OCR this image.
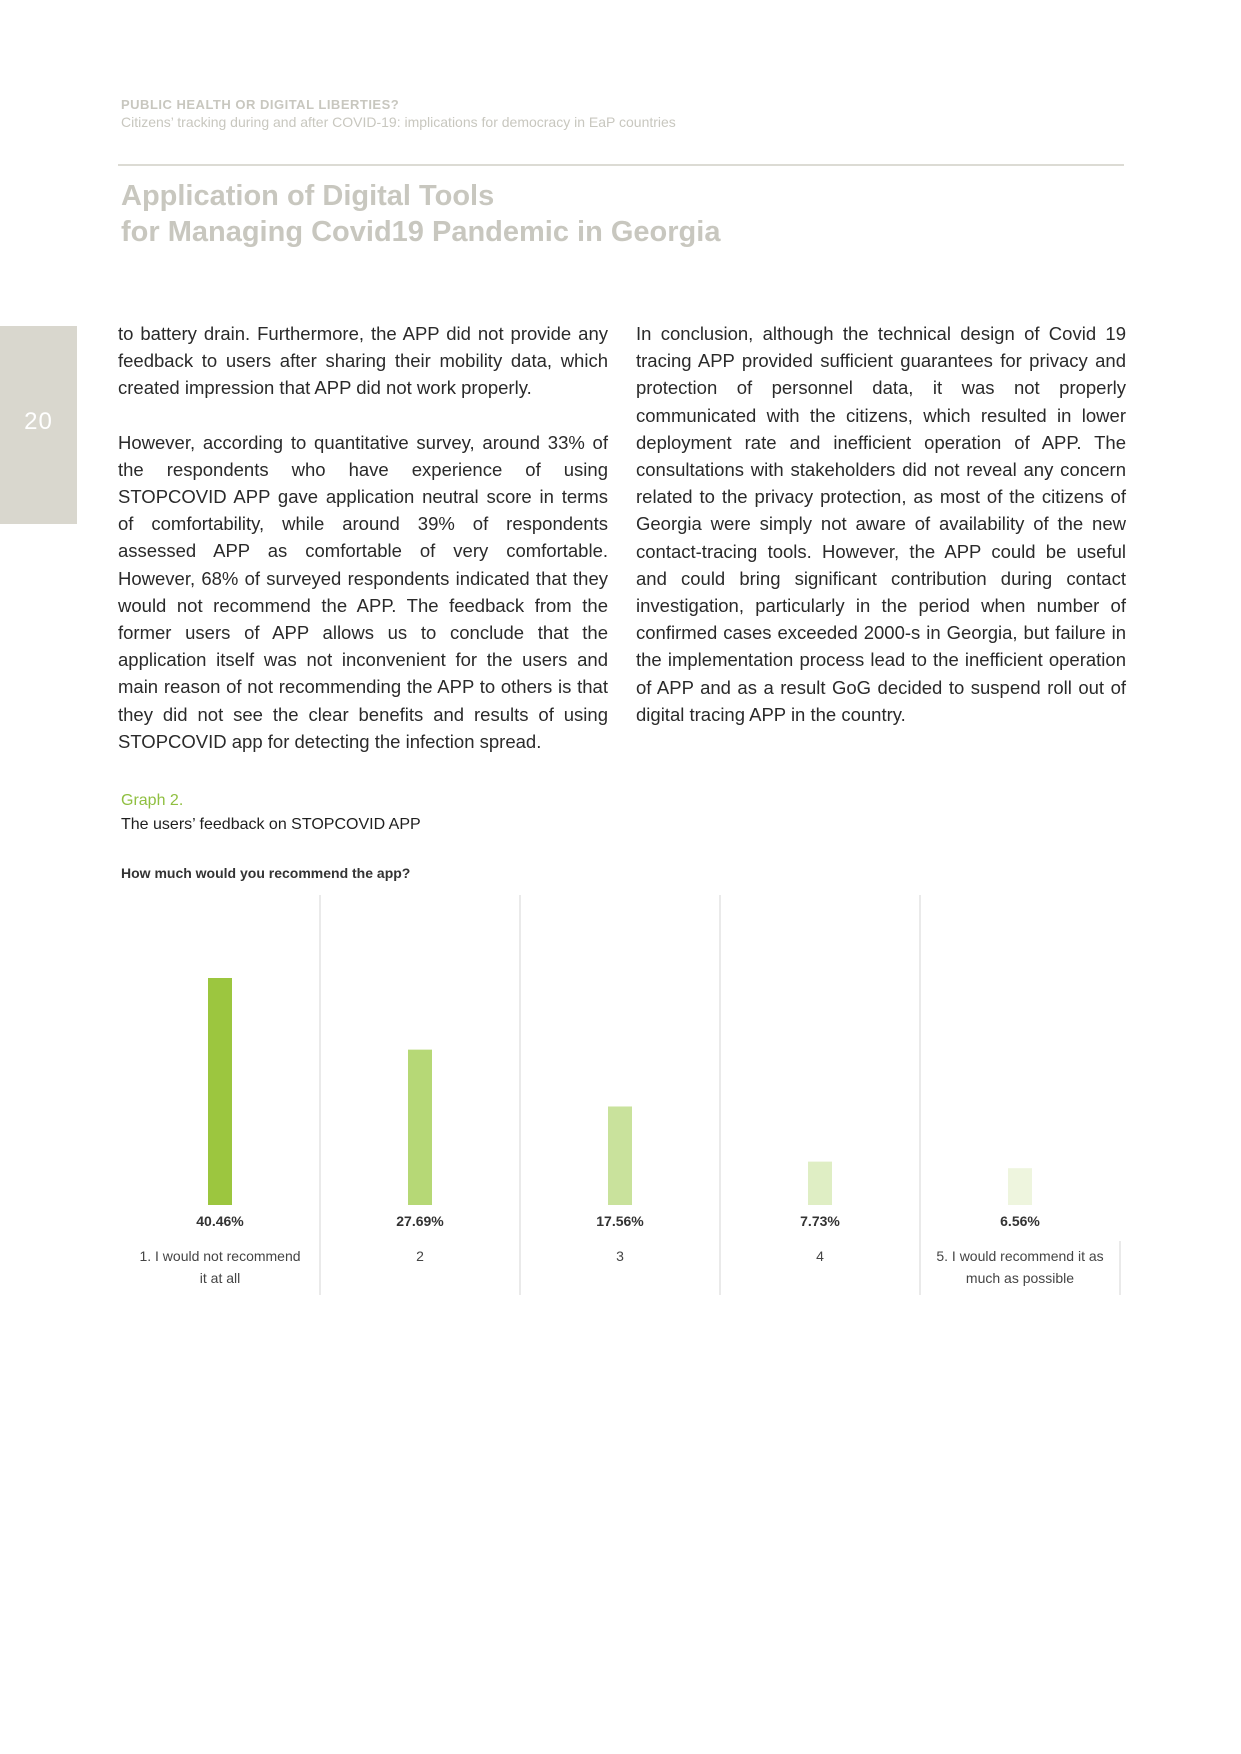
PUBLIC HEALTH OR DIGITAL LIBERTIES?
Citizens’ tracking during and after COVID-19: implications for democracy in EaP countries
Application of Digital Tools
for Managing Covid19 Pandemic in Georgia
20

to battery drain. Furthermore, the APP did not provide any feedback to users after sharing their mobility data, which created impression that APP did not work properly.

However, according to quantitative survey, around 33% of the respondents who have experience of using STOPCOVID APP gave application neutral score in terms of comfortability, while around 39% of respondents assessed APP as comfortable of very comfortable. However, 68% of surveyed respondents indicated that they would not recommend the APP. The feedback from the former users of APP allows us to conclude that the application itself was not inconvenient for the users and main reason of not recommending the APP to others is that they did not see the clear benefits and results of using STOPCOVID app for detecting the infection spread.

In conclusion, although the technical design of Covid 19 tracing APP provided sufficient guarantees for privacy and protection of personnel data, it was not properly communicated with the citizens, which resulted in lower deployment rate and inefficient operation of APP. The consultations with stakeholders did not reveal any concern related to the privacy protection, as most of the citizens of Georgia were simply not aware of availability of the new contact-tracing tools. However, the APP could be useful and could bring significant contribution during contact investigation, particularly in the period when number of confirmed cases exceeded 2000-s in Georgia, but failure in the implementation process lead to the inefficient operation of APP and as a result GoG decided to suspend roll out of digital tracing APP in the country.

Graph 2.
The users’ feedback on STOPCOVID APP
How much would you recommend the app?
40.46%
1. I would not recommend
it at all
27.69%
2
17.56%
3
7.73%
4
6.56%
5. I would recommend it as
much as possible
